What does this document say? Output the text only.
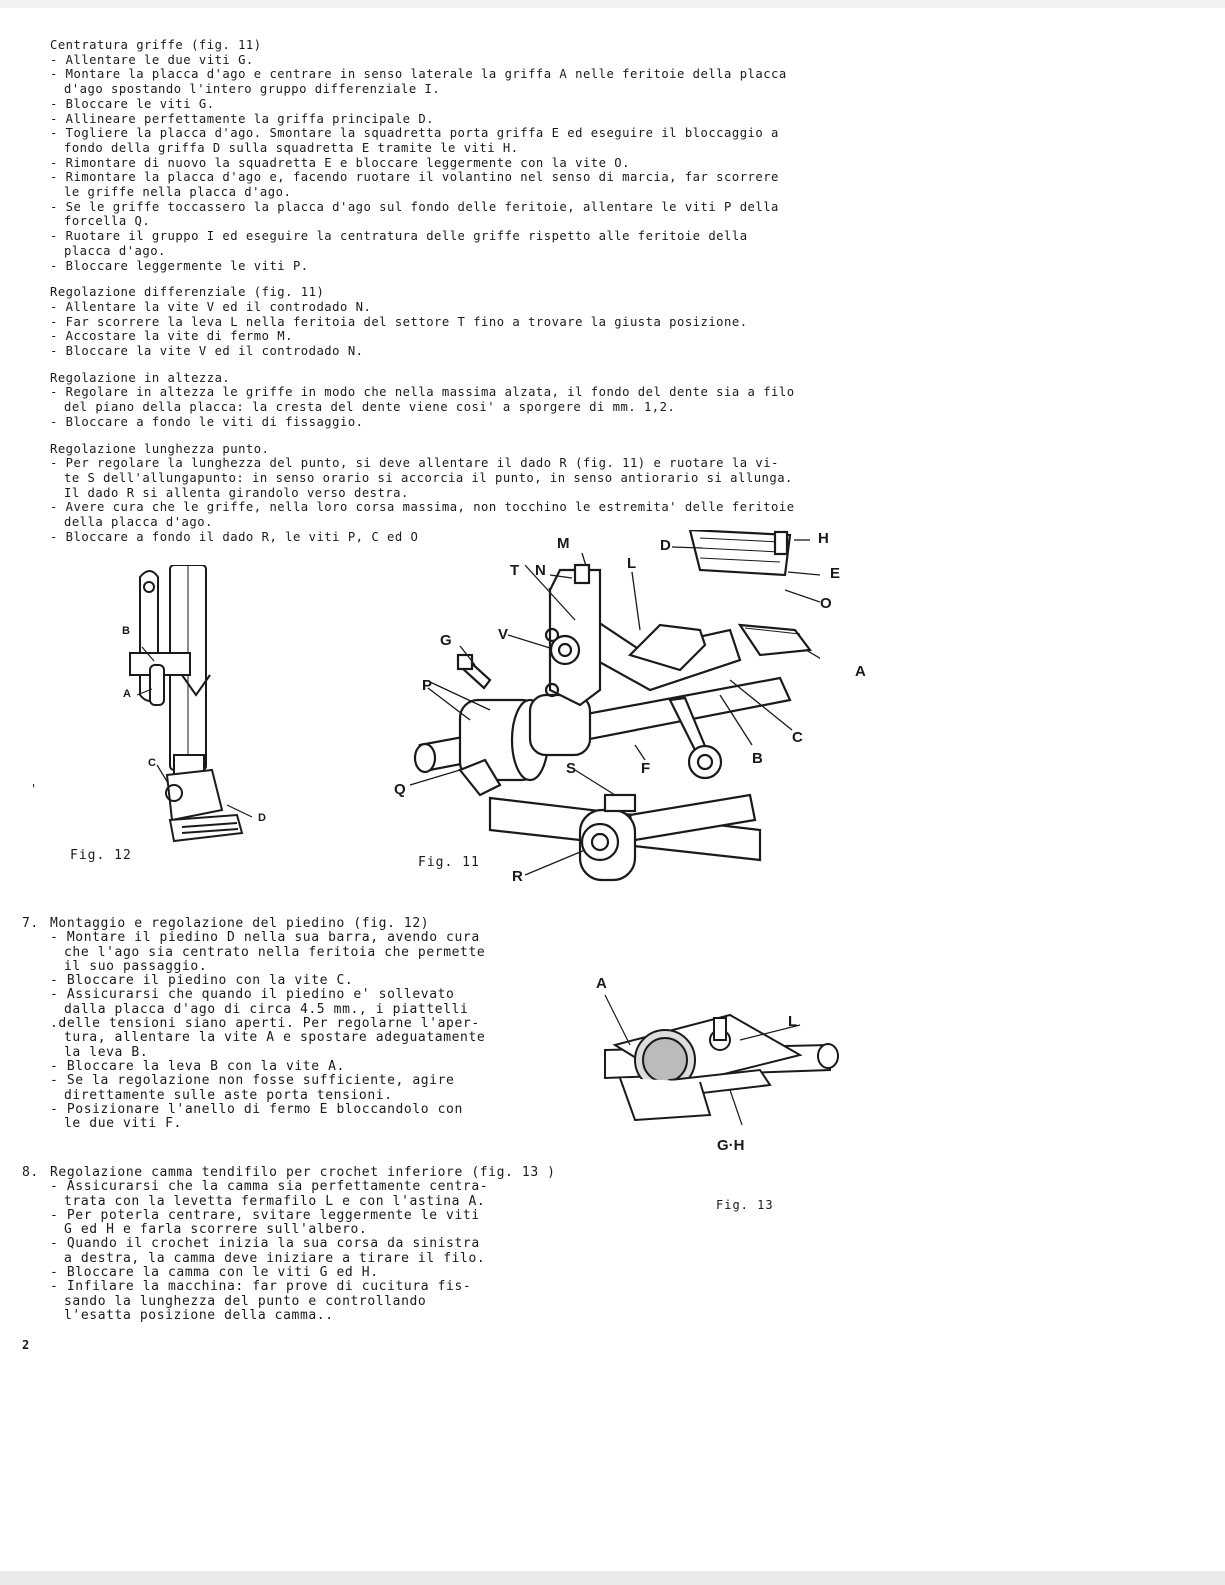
Centratura griffe (fig. 11)

- Allentare le due viti G.

- Montare la placca d'ago e centrare in senso laterale la griffa A nelle feritoie della placca

d'ago spostando l'intero gruppo differenziale I.

- Bloccare le viti G.

- Allineare perfettamente la griffa principale D.

- Togliere la placca d'ago. Smontare la squadretta porta griffa E ed eseguire il bloccaggio a

fondo della griffa D sulla squadretta E tramite le viti H.

- Rimontare di nuovo la squadretta E e bloccare leggermente con la vite O.

- Rimontare la placca d'ago e, facendo ruotare il volantino nel senso di marcia, far scorrere

le griffe nella placca d'ago.

- Se le griffe toccassero la placca d'ago sul fondo delle feritoie, allentare le viti P della

forcella Q.

- Ruotare il gruppo I ed eseguire la centratura delle griffe rispetto alle feritoie della

placca d'ago.

- Bloccare leggermente le viti P.

Regolazione differenziale (fig. 11)

- Allentare la vite V ed il controdado N.

- Far scorrere la leva L nella feritoia del settore T fino a trovare la giusta posizione.

- Accostare la vite di fermo M.

- Bloccare la vite V ed il controdado N.

Regolazione in altezza.

- Regolare in altezza le griffe in modo che nella massima alzata, il fondo del dente sia a filo

del piano della placca: la cresta del dente viene cosi' a sporgere di mm. 1,2.

- Bloccare a fondo le viti di fissaggio.

Regolazione lunghezza punto.

- Per regolare la lunghezza del punto, si deve allentare il dado R (fig. 11) e ruotare la vi-

te S dell'allungapunto: in senso orario si accorcia il punto, in senso antiorario si allunga.

Il dado R si allenta girandolo verso destra.

- Avere cura che le griffe, nella loro corsa massima, non tocchino le estremita' delle feritoie

della placca d'ago.

- Bloccare a fondo il dado R, le viti P, C ed O

B
A
C
D
Fig. 12
'
M	D	H
T N	L
E
O
G	V
A
P
C
B
Q
S	F
R
Fig. 11
7. Montaggio e regolazione del piedino (fig. 12)

- Montare il piedino D nella sua barra, avendo cura

che l'ago sia centrato nella feritoia che permette

il suo passaggio.

- Bloccare il piedino con la vite C.

- Assicurarsi che quando il piedino e' sollevato

dalla placca d'ago di circa 4.5 mm., i piattelli

.delle tensioni siano aperti. Per regolarne l'aper-

tura, allentare la vite A e spostare adeguatamente

la leva B.

- Bloccare la leva B con la vite A.

- Se la regolazione non fosse sufficiente, agire

direttamente sulle aste porta tensioni.

- Posizionare l'anello di fermo E bloccandolo con

le due viti F.

A
L
G·H
Fig. 13
8. Regolazione camma tendifilo per crochet inferiore (fig. 13 )

- Assicurarsi che la camma sia perfettamente centra-

trata con la levetta fermafilo L e con l'astina A.

- Per poterla centrare, svitare leggermente le viti

G ed H e farla scorrere sull'albero.

- Quando il crochet inizia la sua corsa da sinistra

a destra, la camma deve iniziare a tirare il filo.

- Bloccare la camma con le viti G ed H.

- Infilare la macchina: far prove di cucitura fis-

sando la lunghezza del punto e controllando

l'esatta posizione della camma..

2
